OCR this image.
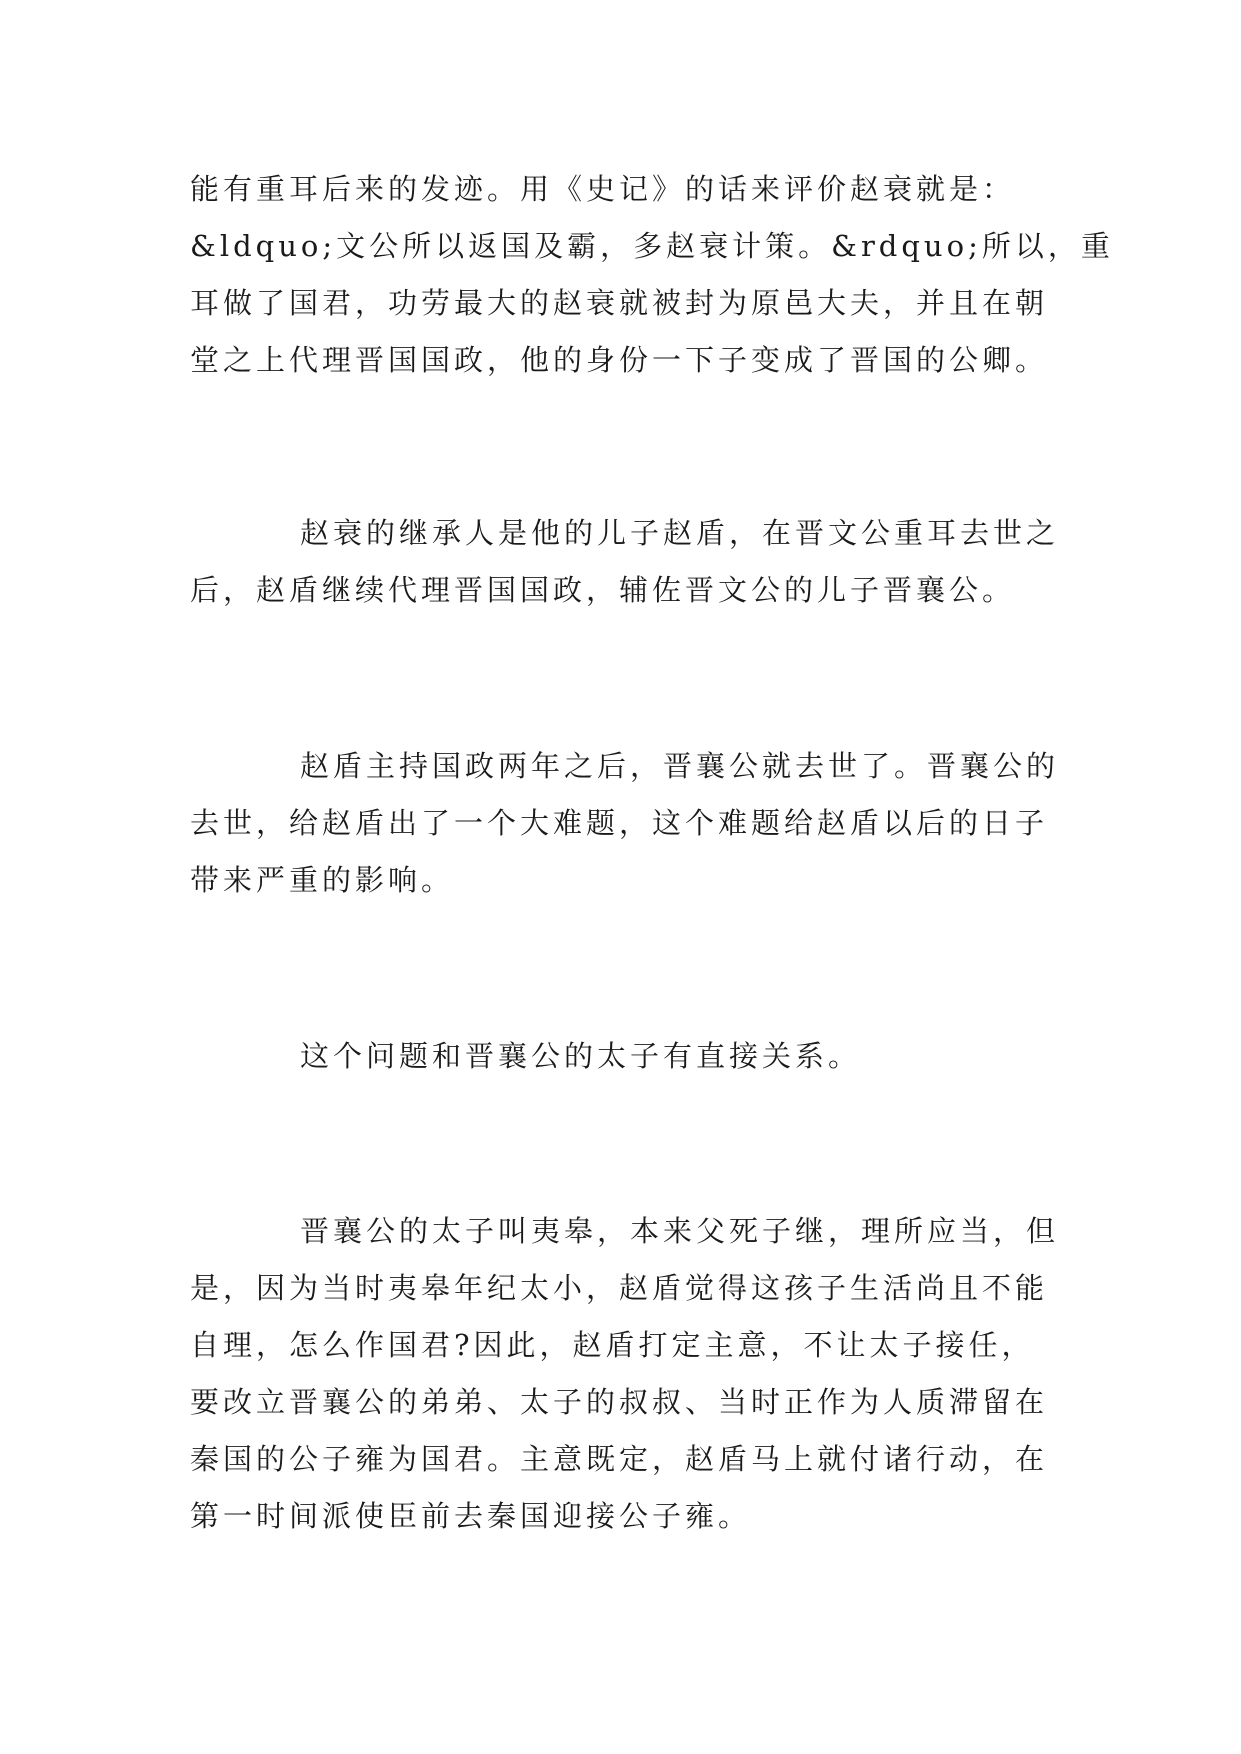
能有重耳后来的发迹。用《史记》的话来评价赵衰就是：
&ldquo;文公所以返国及霸，多赵衰计策。&rdquo;所以，重
耳做了国君，功劳最大的赵衰就被封为原邑大夫，并且在朝
堂之上代理晋国国政，他的身份一下子变成了晋国的公卿。

赵衰的继承人是他的儿子赵盾，在晋文公重耳去世之
后，赵盾继续代理晋国国政，辅佐晋文公的儿子晋襄公。

赵盾主持国政两年之后，晋襄公就去世了。晋襄公的
去世，给赵盾出了一个大难题，这个难题给赵盾以后的日子
带来严重的影响。

这个问题和晋襄公的太子有直接关系。

晋襄公的太子叫夷皋，本来父死子继，理所应当，但
是，因为当时夷皋年纪太小，赵盾觉得这孩子生活尚且不能
自理，怎么作国君?因此，赵盾打定主意，不让太子接任，
要改立晋襄公的弟弟、太子的叔叔、当时正作为人质滞留在
秦国的公子雍为国君。主意既定，赵盾马上就付诸行动，在
第一时间派使臣前去秦国迎接公子雍。
